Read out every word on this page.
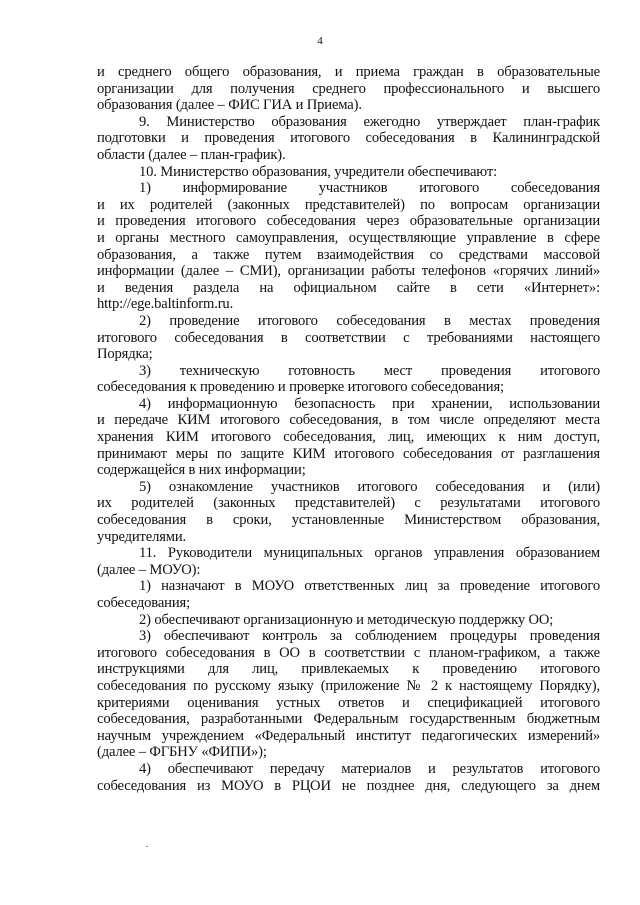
4
и среднего общего образования, и приема граждан в образовательные
организации для получения среднего профессионального и высшего
образования (далее – ФИС ГИА и Приема).
9. Министерство образования ежегодно утверждает план-график
подготовки и проведения итогового собеседования в Калининградской
области (далее – план-график).
10. Министерство образования, учредители обеспечивают:
1) информирование участников итогового собеседования
и их родителей (законных представителей) по вопросам организации
и проведения итогового собеседования через образовательные организации
и органы местного самоуправления, осуществляющие управление в сфере
образования, а также путем взаимодействия со средствами массовой
информации (далее – СМИ), организации работы телефонов «горячих линий»
и ведения раздела на официальном сайте в сети «Интернет»:
http://ege.baltinform.ru.
2) проведение итогового собеседования в местах проведения
итогового собеседования в соответствии с требованиями настоящего
Порядка;
3) техническую готовность мест проведения итогового
собеседования к проведению и проверке итогового собеседования;
4) информационную безопасность при хранении, использовании
и передаче КИМ итогового собеседования, в том числе определяют места
хранения КИМ итогового собеседования, лиц, имеющих к ним доступ,
принимают меры по защите КИМ итогового собеседования от разглашения
содержащейся в них информации;
5) ознакомление участников итогового собеседования и (или)
их родителей (законных представителей) с результатами итогового
собеседования в сроки, установленные Министерством образования,
учредителями.
11. Руководители муниципальных органов управления образованием
(далее – МОУО):
1) назначают в МОУО ответственных лиц за проведение итогового
собеседования;
2) обеспечивают организационную и методическую поддержку ОО;
3) обеспечивают контроль за соблюдением процедуры проведения
итогового собеседования в ОО в соответствии с планом-графиком, а также
инструкциями для лиц, привлекаемых к проведению итогового
собеседования по русскому языку (приложение № 2 к настоящему Порядку),
критериями оценивания устных ответов и спецификацией итогового
собеседования, разработанными Федеральным государственным бюджетным
научным учреждением «Федеральный институт педагогических измерений»
(далее – ФГБНУ «ФИПИ»);
4) обеспечивают передачу материалов и результатов итогового
собеседования из МОУО в РЦОИ не позднее дня, следующего за днем
